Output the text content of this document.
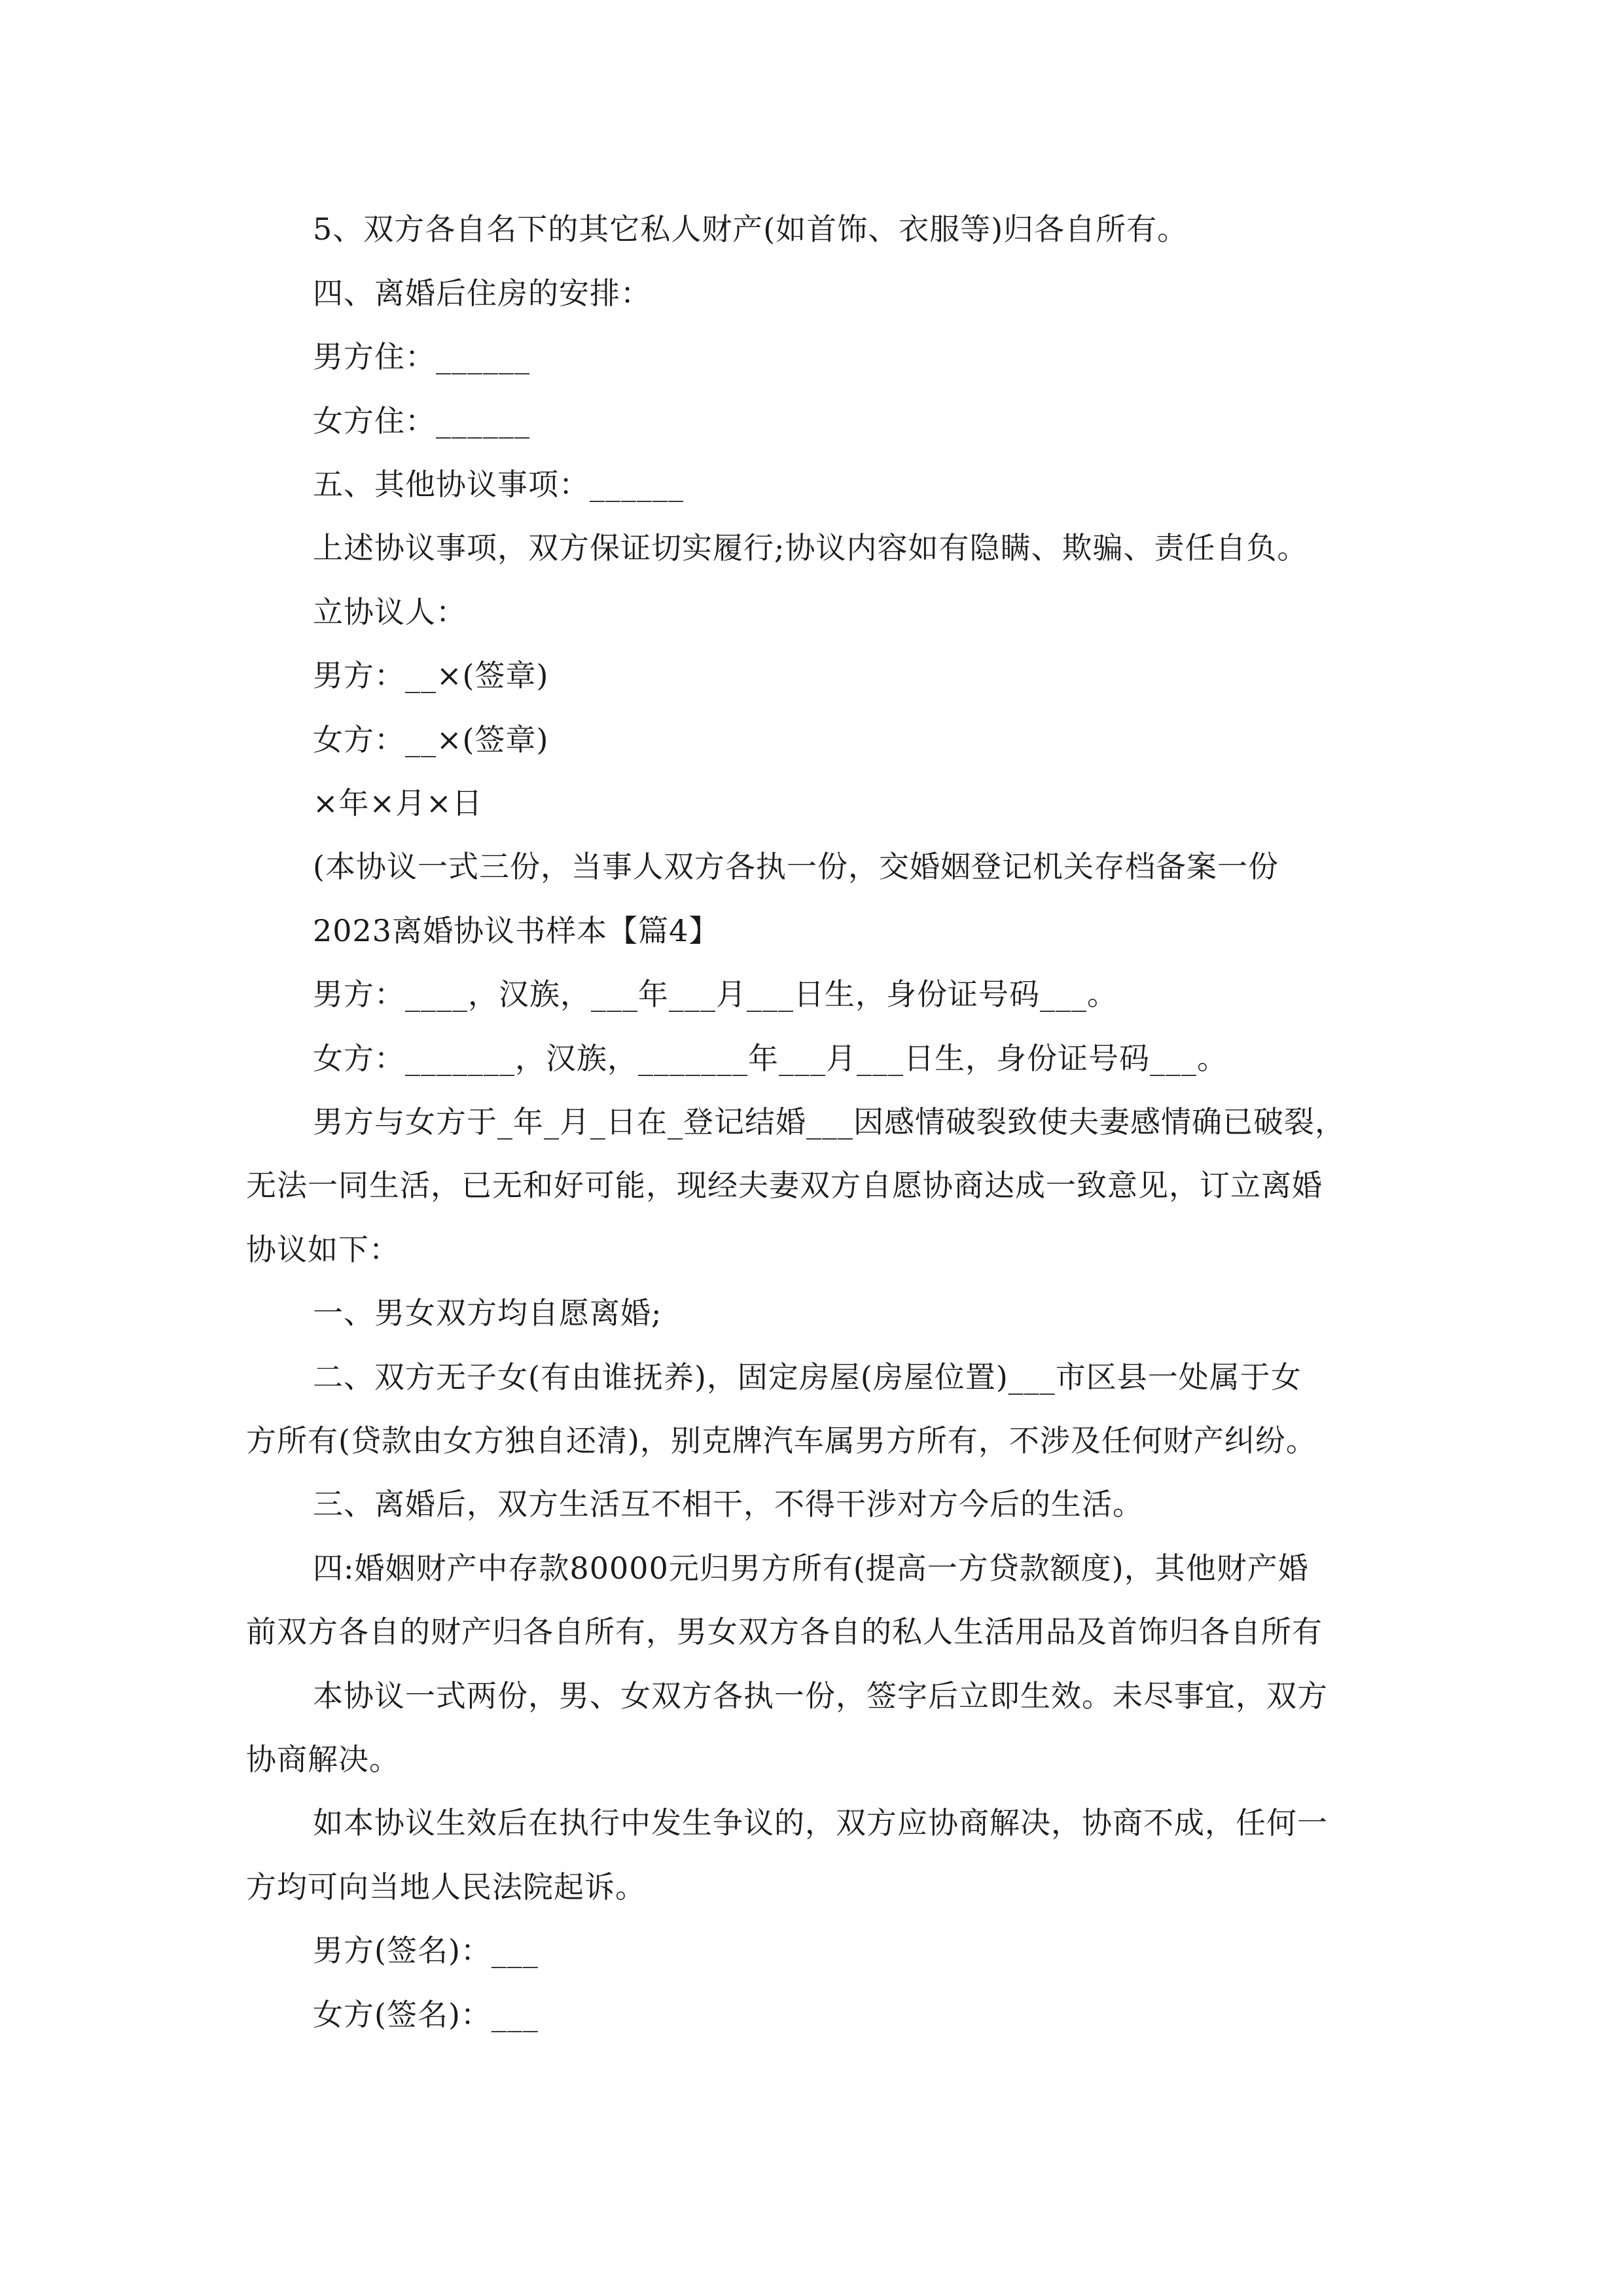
5、双方各自名下的其它私人财产(如首饰、衣服等)归各自所有。
四、离婚后住房的安排：
男方住：______
女方住：______
五、其他协议事项：______
上述协议事项，双方保证切实履行;协议内容如有隐瞒、欺骗、责任自负。
立协议人：
男方：__×(签章)
女方：__×(签章)
×年×月×日
(本协议一式三份，当事人双方各执一份，交婚姻登记机关存档备案一份
2023离婚协议书样本【篇4】
男方：____，汉族，___年___月___日生，身份证号码___。
女方：_______，汉族，_______年___月___日生，身份证号码___。
男方与女方于_年_月_日在_登记结婚___因感情破裂致使夫妻感情确已破裂，
无法一同生活，已无和好可能，现经夫妻双方自愿协商达成一致意见，订立离婚
协议如下：
一、男女双方均自愿离婚;
二、双方无子女(有由谁抚养)，固定房屋(房屋位置)___市区县一处属于女
方所有(贷款由女方独自还清)，别克牌汽车属男方所有，不涉及任何财产纠纷。
三、离婚后，双方生活互不相干，不得干涉对方今后的生活。
四:婚姻财产中存款80000元归男方所有(提高一方贷款额度)，其他财产婚
前双方各自的财产归各自所有，男女双方各自的私人生活用品及首饰归各自所有
本协议一式两份，男、女双方各执一份，签字后立即生效。未尽事宜，双方
协商解决。
如本协议生效后在执行中发生争议的，双方应协商解决，协商不成，任何一
方均可向当地人民法院起诉。
男方(签名)：___
女方(签名)：___
